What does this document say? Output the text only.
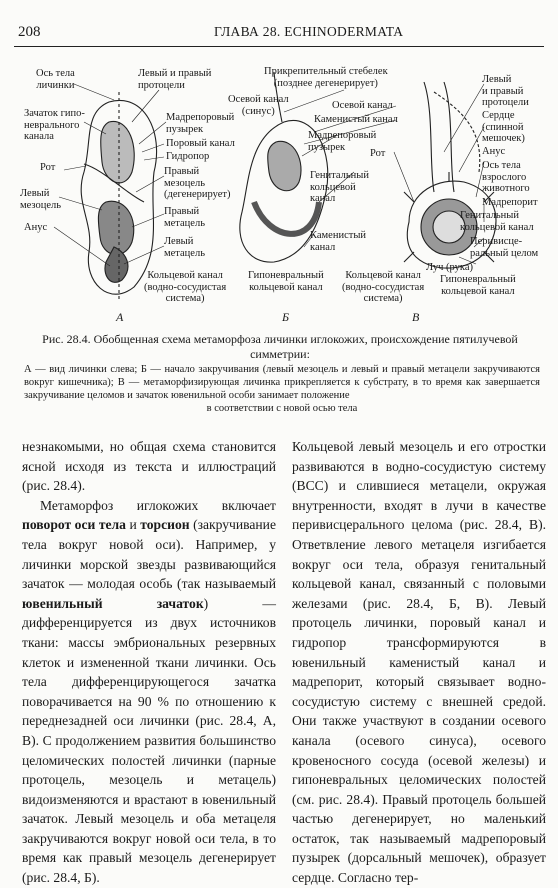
208	ГЛАВА 28. ECHINODERMATA
Ось тела
личинки
Зачаток гипо-
неврального
канала
Рот
Левый
мезоцель
Анус
Левый и правый
протоцели
Мадрепоровый
пузырек
Поровый канал
Гидропор
Правый
мезоцель
(дегенерирует)
Правый
метацель
Левый
метацель
А
Прикрепительный стебелек
(позднее дегенерирует)
Осевой канал
(синус)	Осевой канал
Каменистый канал
Мадрепоровый
пузырек
Генитальный
кольцевой
канал
Каменистый
канал
Кольцевой канал
(водно-сосудистая
система)
Гипоневральный
кольцевой канал
Б
Рот
Левый
и правый
протоцели
Сердце
(спинной
мешочек)
Анус
Ось тела
взрослого
животного
Мадрепорит
Генитальный
кольцевой канал
Перивисце-
ральный целом
Луч (рука)
Кольцевой канал
(водно-сосудистая
система)
Гипоневральный
кольцевой канал
В
Рис. 28.4. Обобщенная схема метаморфоза личинки иглокожих, происхождение пятилучевой симметрии:
А — вид личинки слева; Б — начало закручивания (левый мезоцель и левый и правый метацели закручиваются вокруг кишечника); В — метаморфизирующая личинка прикрепляется к субстрату, в то время как завершается закручивание целомов и зачаток ювенильной особи занимает положение
в соответствии с новой осью тела

незнакомыми, но общая схема становится ясной исходя из текста и иллюстраций (рис. 28.4).

Метаморфоз иглокожих включает поворот оси тела и торсион (закручивание тела вокруг новой оси). Например, у личинки морской звезды развивающийся зачаток — молодая особь (так называемый ювенильный зачаток) — дифференцируется из двух источников ткани: массы эмбриональных резервных клеток и измененной ткани личинки. Ось тела дифференцирующегося зачатка поворачивается на 90 % по отношению к переднезадней оси личинки (рис. 28.4, А, В). С продолжением развития большинство целомических полостей личинки (парные протоцель, мезоцель и метацель) видоизменяются и врастают в ювенильный зачаток. Левый мезоцель и оба метацеля закручиваются вокруг новой оси тела, в то время как правый мезоцель дегенерирует (рис. 28.4, Б).

Кольцевой левый мезоцель и его отростки развиваются в водно-сосудистую систему (ВСС) и слившиеся метацели, окружая внутренности, входят в лучи в качестве перивисцерального целома (рис. 28.4, В). Ответвление левого метацеля изгибается вокруг оси тела, образуя генитальный кольцевой канал, связанный с половыми железами (рис. 28.4, Б, В). Левый протоцель личинки, поровый канал и гидропор трансформируются в ювенильный каменистый канал и мадрепорит, который связывает водно-сосудистую систему с внешней средой. Они также участвуют в создании осевого канала (осевого синуса), осевого кровеносного сосуда (осевой железы) и гипоневральных целомических полостей (см. рис. 28.4). Правый протоцель большей частью дегенерирует, но маленький остаток, так называемый мадрепоровый пузырек (дорсальный мешочек), образует сердце. Согласно тер-
